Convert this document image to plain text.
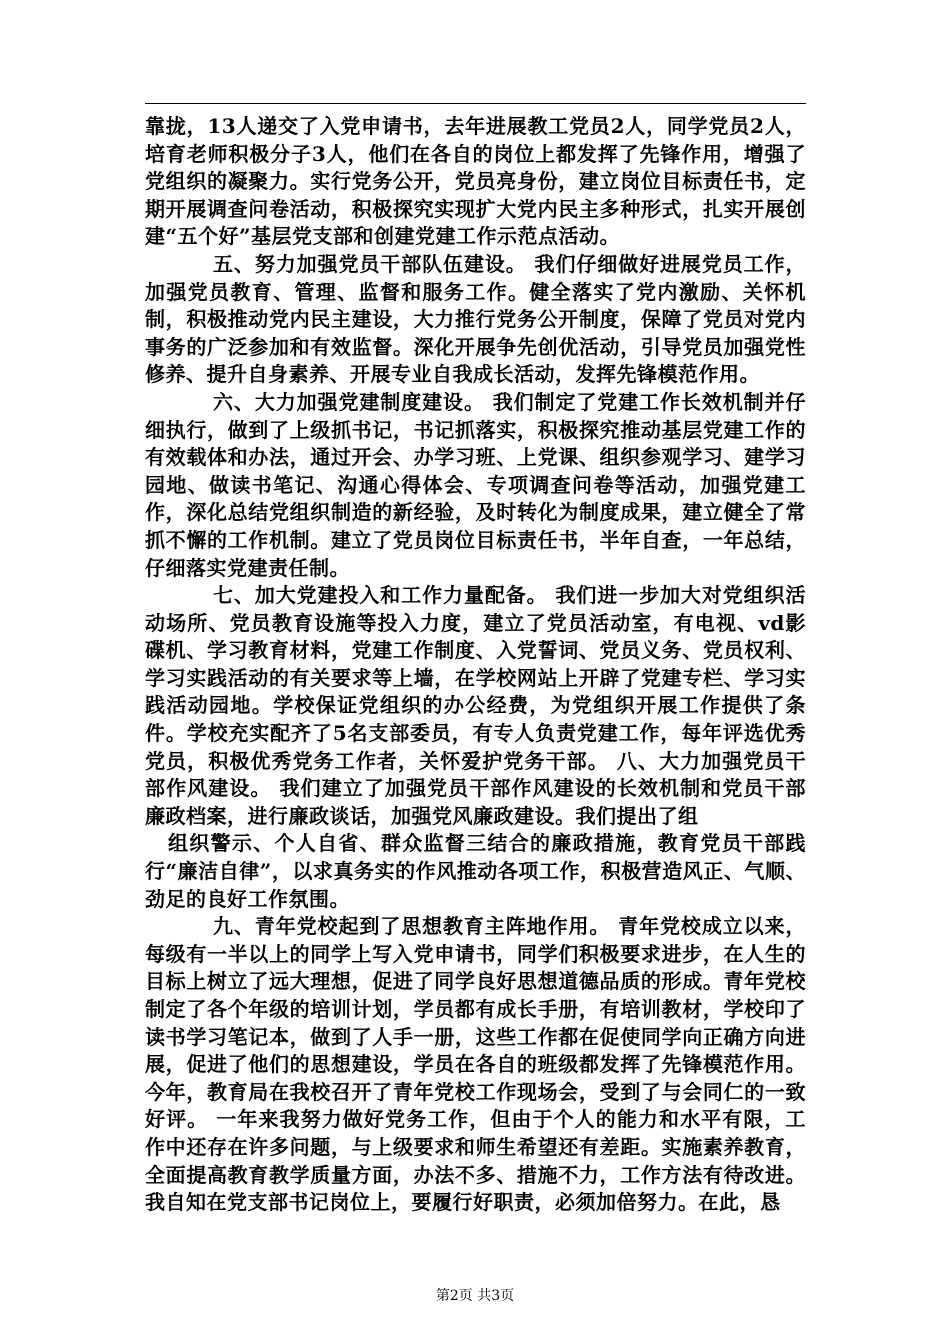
靠拢，13人递交了入党申请书，去年进展教工党员2人，同学党员2人，培育老师积极分子3人，他们在各自的岗位上都发挥了先锋作用，增强了党组织的凝聚力。实行党务公开，党员亮身份，建立岗位目标责任书，定期开展调查问卷活动，积极探究实现扩大党内民主多种形式，扎实开展创建“五个好”基层党支部和创建党建工作示范点活动。

五、努力加强党员干部队伍建设。 我们仔细做好进展党员工作，加强党员教育、管理、监督和服务工作。健全落实了党内激励、关怀机制，积极推动党内民主建设，大力推行党务公开制度，保障了党员对党内事务的广泛参加和有效监督。深化开展争先创优活动，引导党员加强党性修养、提升自身素养、开展专业自我成长活动，发挥先锋模范作用。

六、大力加强党建制度建设。 我们制定了党建工作长效机制并仔细执行，做到了上级抓书记，书记抓落实，积极探究推动基层党建工作的有效载体和办法，通过开会、办学习班、上党课、组织参观学习、建学习园地、做读书笔记、沟通心得体会、专项调查问卷等活动，加强党建工作，深化总结党组织制造的新经验，及时转化为制度成果，建立健全了常抓不懈的工作机制。建立了党员岗位目标责任书，半年自查，一年总结，仔细落实党建责任制。

七、加大党建投入和工作力量配备。 我们进一步加大对党组织活动场所、党员教育设施等投入力度，建立了党员活动室，有电视、vd影碟机、学习教育材料，党建工作制度、入党誓词、党员义务、党员权利、学习实践活动的有关要求等上墙，在学校网站上开辟了党建专栏、学习实践活动园地。学校保证党组织的办公经费，为党组织开展工作提供了条件。学校充实配齐了5名支部委员，有专人负责党建工作，每年评选优秀党员，积极优秀党务工作者，关怀爱护党务干部。 八、大力加强党员干部作风建设。 我们建立了加强党员干部作风建设的长效机制和党员干部廉政档案，进行廉政谈话，加强党风廉政建设。我们提出了组

组织警示、个人自省、群众监督三结合的廉政措施，教育党员干部践行“廉洁自律”，以求真务实的作风推动各项工作，积极营造风正、气顺、劲足的良好工作氛围。

九、青年党校起到了思想教育主阵地作用。 青年党校成立以来，每级有一半以上的同学上写入党申请书，同学们积极要求进步，在人生的目标上树立了远大理想，促进了同学良好思想道德品质的形成。青年党校制定了各个年级的培训计划，学员都有成长手册，有培训教材，学校印了读书学习笔记本，做到了人手一册，这些工作都在促使同学向正确方向进展，促进了他们的思想建设，学员在各自的班级都发挥了先锋模范作用。今年，教育局在我校召开了青年党校工作现场会，受到了与会同仁的一致好评。 一年来我努力做好党务工作，但由于个人的能力和水平有限，工作中还存在许多问题，与上级要求和师生希望还有差距。实施素养教育，全面提高教育教学质量方面，办法不多、措施不力，工作方法有待改进。我自知在党支部书记岗位上，要履行好职责，必须加倍努力。在此，恳

第2页 共3页
